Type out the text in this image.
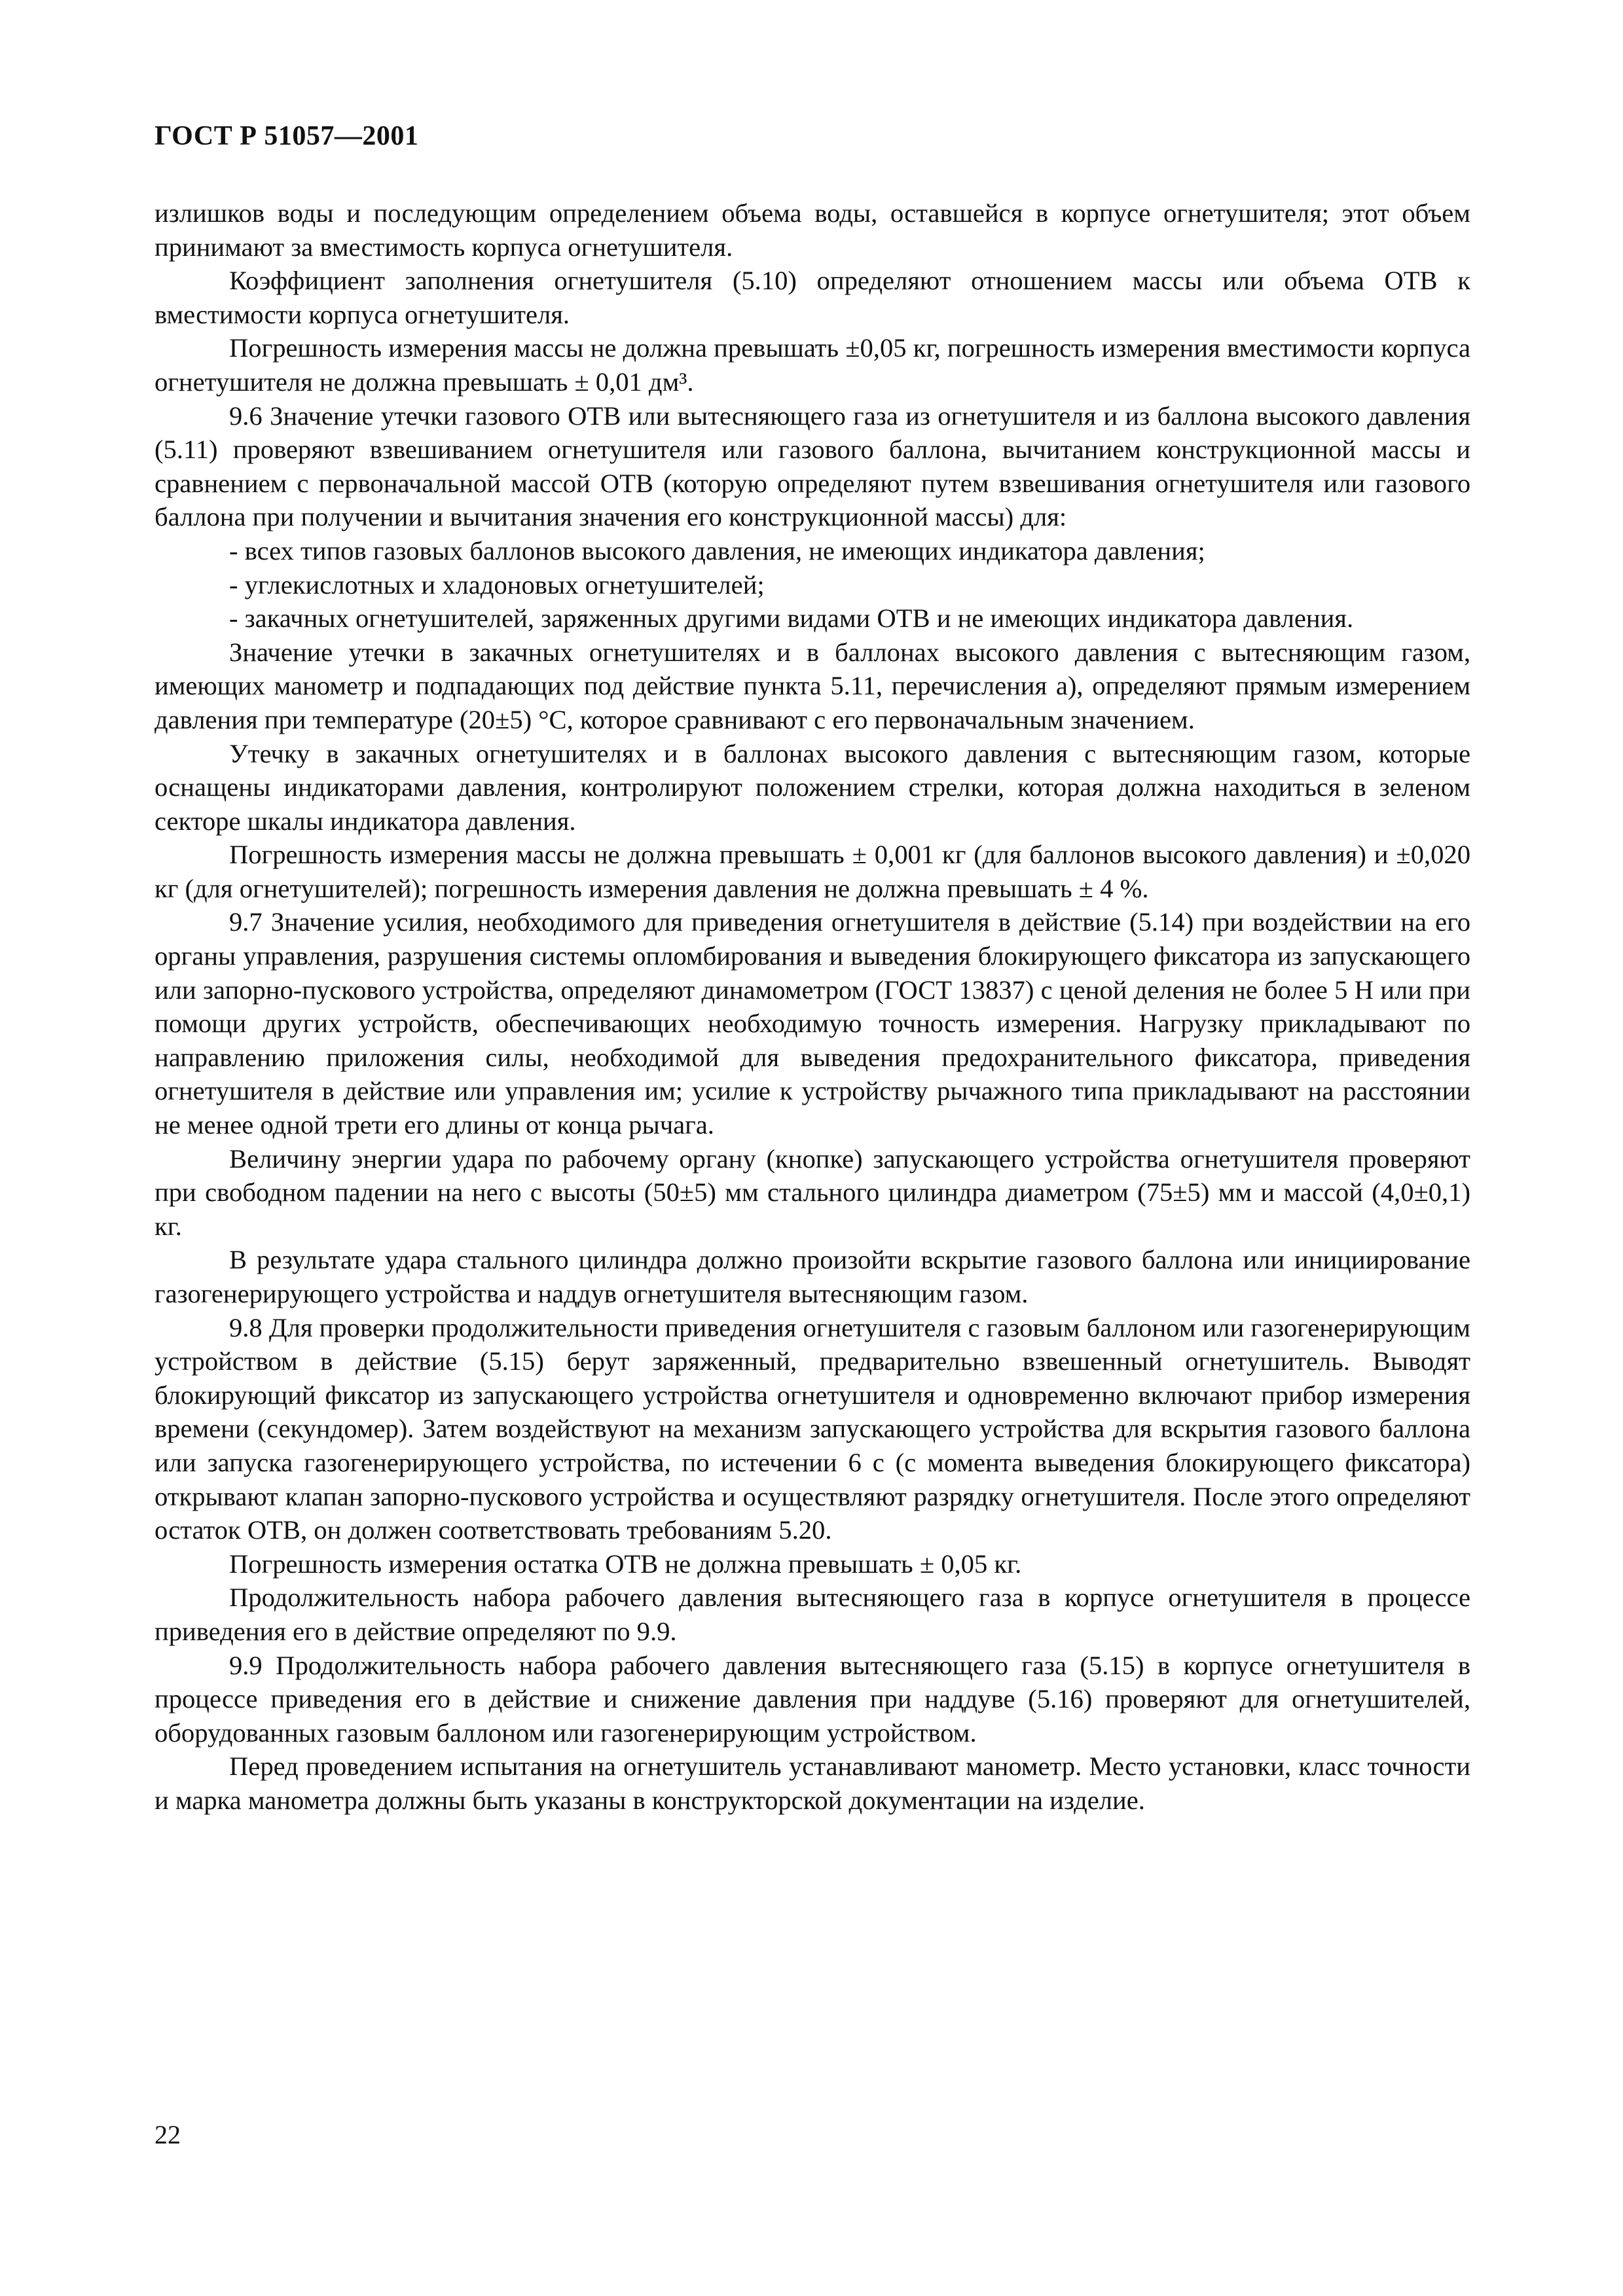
ГОСТ Р 51057—2001

излишков воды и последующим определением объема воды, оставшейся в корпусе огнетушителя; этот объем принимают за вместимость корпуса огнетушителя.

Коэффициент заполнения огнетушителя (5.10) определяют отношением массы или объема ОТВ к вместимости корпуса огнетушителя.

Погрешность измерения массы не должна превышать ±0,05 кг, погрешность измерения вместимости корпуса огнетушителя не должна превышать ± 0,01 дм³.

9.6 Значение утечки газового ОТВ или вытесняющего газа из огнетушителя и из баллона высокого давления (5.11) проверяют взвешиванием огнетушителя или газового баллона, вычитанием конструкционной массы и сравнением с первоначальной массой ОТВ (которую определяют путем взвешивания огнетушителя или газового баллона при получении и вычитания значения его конструкционной массы) для:

- всех типов газовых баллонов высокого давления, не имеющих индикатора давления;

- углекислотных и хладоновых огнетушителей;

- закачных огнетушителей, заряженных другими видами ОТВ и не имеющих индикатора давления.

Значение утечки в закачных огнетушителях и в баллонах высокого давления с вытесняющим газом, имеющих манометр и подпадающих под действие пункта 5.11, перечисления а), определяют прямым измерением давления при температуре (20±5) °С, которое сравнивают с его первоначальным значением.

Утечку в закачных огнетушителях и в баллонах высокого давления с вытесняющим газом, которые оснащены индикаторами давления, контролируют положением стрелки, которая должна находиться в зеленом секторе шкалы индикатора давления.

Погрешность измерения массы не должна превышать ± 0,001 кг (для баллонов высокого давления) и ±0,020 кг (для огнетушителей); погрешность измерения давления не должна превышать ± 4 %.

9.7 Значение усилия, необходимого для приведения огнетушителя в действие (5.14) при воздействии на его органы управления, разрушения системы опломбирования и выведения блокирующего фиксатора из запускающего или запорно-пускового устройства, определяют динамометром (ГОСТ 13837) с ценой деления не более 5 Н или при помощи других устройств, обеспечивающих необходимую точность измерения. Нагрузку прикладывают по направлению приложения силы, необходимой для выведения предохранительного фиксатора, приведения огнетушителя в действие или управления им; усилие к устройству рычажного типа прикладывают на расстоянии не менее одной трети его длины от конца рычага.

Величину энергии удара по рабочему органу (кнопке) запускающего устройства огнетушителя проверяют при свободном падении на него с высоты (50±5) мм стального цилиндра диаметром (75±5) мм и массой (4,0±0,1) кг.

В результате удара стального цилиндра должно произойти вскрытие газового баллона или инициирование газогенерирующего устройства и наддув огнетушителя вытесняющим газом.

9.8 Для проверки продолжительности приведения огнетушителя с газовым баллоном или газогенерирующим устройством в действие (5.15) берут заряженный, предварительно взвешенный огнетушитель. Выводят блокирующий фиксатор из запускающего устройства огнетушителя и одновременно включают прибор измерения времени (секундомер). Затем воздействуют на механизм запускающего устройства для вскрытия газового баллона или запуска газогенерирующего устройства, по истечении 6 с (с момента выведения блокирующего фиксатора) открывают клапан запорно-пускового устройства и осуществляют разрядку огнетушителя. После этого определяют остаток ОТВ, он должен соответствовать требованиям 5.20.

Погрешность измерения остатка ОТВ не должна превышать ± 0,05 кг.

Продолжительность набора рабочего давления вытесняющего газа в корпусе огнетушителя в процессе приведения его в действие определяют по 9.9.

9.9 Продолжительность набора рабочего давления вытесняющего газа (5.15) в корпусе огнетушителя в процессе приведения его в действие и снижение давления при наддуве (5.16) проверяют для огнетушителей, оборудованных газовым баллоном или газогенерирующим устройством.

Перед проведением испытания на огнетушитель устанавливают манометр. Место установки, класс точности и марка манометра должны быть указаны в конструкторской документации на изделие.

22
